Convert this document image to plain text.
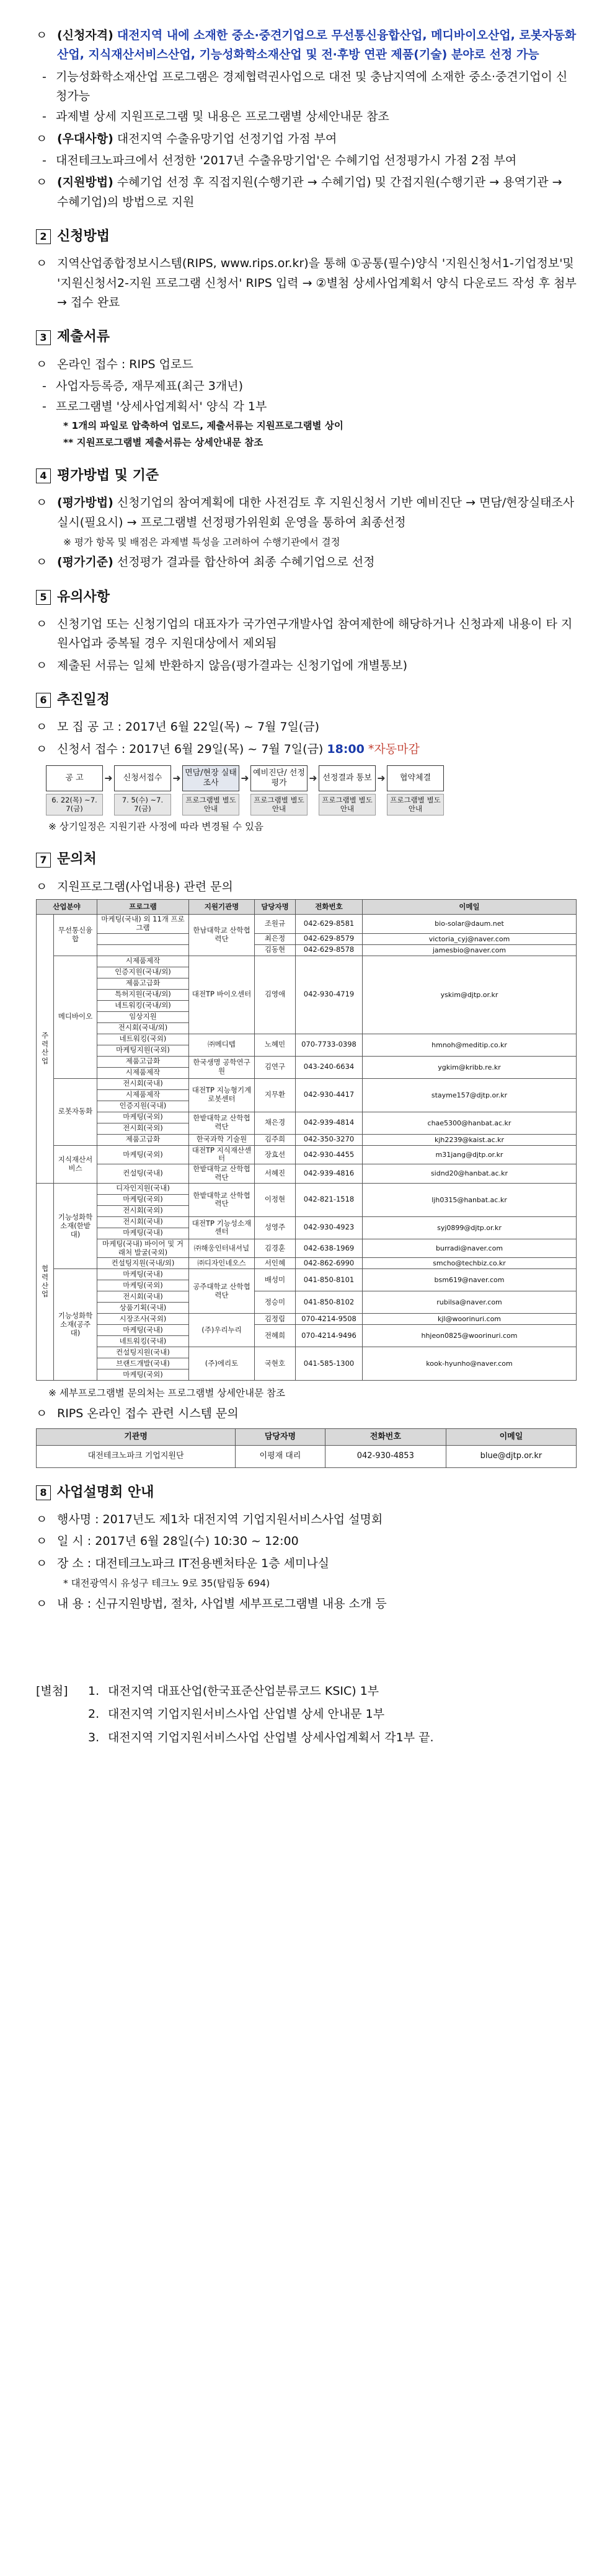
ㅇ (신청자격) 대전지역 내에 소재한 중소·중견기업으로 무선통신융합산업, 메디바이오산업, 로봇자동화산업, 지식재산서비스산업, 기능성화학소재산업 및 전·후방 연관 제품(기술) 분야로 선정 가능
- 기능성화학소재산업 프로그램은 경제협력권사업으로 대전 및 충남지역에 소재한 중소·중견기업이 신청가능
- 과제별 상세 지원프로그램 및 내용은 프로그램별 상세안내문 참조
ㅇ (우대사항) 대전지역 수출유망기업 선정기업 가점 부여
- 대전테크노파크에서 선정한 '2017년 수출유망기업'은 수혜기업 선정평가시 가점 2점 부여
ㅇ (지원방법) 수혜기업 선정 후 직접지원(수행기관 → 수혜기업) 및 간접지원(수행기관 → 용역기관 → 수혜기업)의 방법으로 지원
2 신청방법
ㅇ 지역산업종합정보시스템(RIPS, www.rips.or.kr)을 통해 ①공통(필수)양식 '지원신청서1-기업정보'및 '지원신청서2-지원 프로그램 신청서' RIPS 입력 → ②별첨 상세사업계획서 양식 다운로드 작성 후 첨부 → 접수 완료
3 제출서류
ㅇ 온라인 접수 : RIPS 업로드
- 사업자등록증, 재무제표(최근 3개년)
- 프로그램별 '상세사업계획서' 양식 각 1부
* 1개의 파일로 압축하여 업로드, 제출서류는 지원프로그램별 상이
** 지원프로그램별 제출서류는 상세안내문 참조
4 평가방법 및 기준
ㅇ (평가방법) 신청기업의 참여계획에 대한 사전검토 후 지원신청서 기반 예비진단 → 면담/현장실태조사 실시(필요시) → 프로그램별 선정평가위원회 운영을 통하여 최종선정
※ 평가 항목 및 배점은 과제별 특성을 고려하여 수행기관에서 결정
ㅇ (평가기준) 선정평가 결과를 합산하여 최종 수혜기업으로 선정
5 유의사항
ㅇ 신청기업 또는 신청기업의 대표자가 국가연구개발사업 참여제한에 해당하거나 신청과제 내용이 타 지원사업과 중복될 경우 지원대상에서 제외됨
ㅇ 제출된 서류는 일체 반환하지 않음(평가결과는 신청기업에 개별통보)
6 추진일정
ㅇ 모 집 공 고 : 2017년 6월 22일(목) ~ 7월 7일(금)
ㅇ 신청서 접수 : 2017년 6월 29일(목) ~ 7월 7일(금) 18:00 *자동마감
공 고
6. 22(목) ~7. 7(금)
➜	신청서접수
7. 5(수) ~7. 7(금)
➜ 면담/현장 실태조사
프로그램별 별도 안내
➜ 예비진단/ 선정평가
프로그램별 별도 안내
➜ 선정결과 통보
프로그램별 별도 안내
➜	협약체결
프로그램별 별도 안내
※ 상기일정은 지원기관 사정에 따라 변경될 수 있음
7 문의처
ㅇ 지원프로그램(사업내용) 관련 문의
산업분야		프로그램	지원기관명	담당자명	전화번호	이메일
주력산업	무선통신융합	마케팅(국내) 외 11개 프로그램	한남대학교 산학협력단	조원규	042-629-8581	bio-solar@daum.net
				최은정	042-629-8579	victoria_cyj@naver.com
				김동현	042-629-8578	jamesbio@naver.com
	메디바이오	시제품제작	대전TP 바이오센터	김영애	042-930-4719	yskim@djtp.or.kr
		인증지원(국내/외)				
		제품고급화				
		특허지원(국내/외)				
		네트워킹(국내/외)				
		임상지원				
		전시회(국내/외)				
		네트워킹(국외)	㈜메디텝	노혜민	070-7733-0398	hmnoh@meditip.co.kr
		마케팅지원(국외)				
		제품고급화	한국생명 공학연구원	김연구	043-240-6634	ygkim@kribb.re.kr
		시제품제작				
	로봇자동화	전시회(국내)	대전TP 지능형기계 로봇센터	지무환	042-930-4417	stayme157@djtp.or.kr
		시제품제작				
		인증지원(국내)				
		마케팅(국외)	한밭대학교 산학협력단	채은경	042-939-4814	chae5300@hanbat.ac.kr
		전시회(국외)				
		제품고급화	한국과학 기술원	김주희	042-350-3270	kjh2239@kaist.ac.kr
	지식재산서비스	마케팅(국외)	대전TP 지식재산센터	장효선	042-930-4455	m31jang@djtp.or.kr
		컨설팅(국내)	한밭대학교 산학협력단	서혜진	042-939-4816	sidnd20@hanbat.ac.kr
협력산업	기능성화학소재(한밭대)	디자인지원(국내)	한밭대학교 산학협력단	이정현	042-821-1518	ljh0315@hanbat.ac.kr
		마케팅(국외)				
		전시회(국외)				
		전시회(국내)	대전TP 기능성소재센터	성영주	042-930-4923	syj0899@djtp.or.kr
		마케팅(국내)				
		마케팅(국내) 바이어 및 거래처 발굴(국외)	㈜해웅인터내셔널	김경훈	042-638-1969	burradi@naver.com
		컨설팅지원(국내/외)	㈜디자인네오스	서인혜	042-862-6990	smcho@techbiz.co.kr
	기능성화학소재(공주대)	마케팅(국내)	공주대학교 산학협력단	배성미	041-850-8101	bsm619@naver.com
		마케팅(국외)				
		전시회(국내)		정승미	041-850-8102	rubilsa@naver.com
		상품기획(국내)				
		시장조사(국외)	(주)우리누리	김정림	070-4214-9508	kjl@woorinuri.com
		마케팅(국내)		전혜희	070-4214-9496	hhjeon0825@woorinuri.com
		네트워킹(국내)				
		컨설팅지원(국내)	(주)에리토	국현호	041-585-1300	kook-hyunho@naver.com
		브랜드개발(국내)				
		마케팅(국외)				
※ 세부프로그램별 문의처는 프로그램별 상세안내문 참조
ㅇ RIPS 온라인 접수 관련 시스템 문의
기관명	담당자명	전화번호	이메일
대전테크노파크 기업지원단	이평재 대리	042-930-4853	blue@djtp.or.kr
8 사업설명회 안내
ㅇ 행사명 : 2017년도 제1차 대전지역 기업지원서비스사업 설명회
ㅇ 일 시 : 2017년 6월 28일(수) 10:30 ~ 12:00
ㅇ 장 소 : 대전테크노파크 IT전용벤처타운 1층 세미나실
* 대전광역시 유성구 테크노 9로 35(탑립동 694)
ㅇ 내 용 : 신규지원방법, 절차, 사업별 세부프로그램별 내용 소개 등
[별첨]	1. 대전지역 대표산업(한국표준산업분류코드 KSIC) 1부
2. 대전지역 기업지원서비스사업 산업별 상세 안내문 1부
3. 대전지역 기업지원서비스사업 산업별 상세사업계획서 각1부 끝.
